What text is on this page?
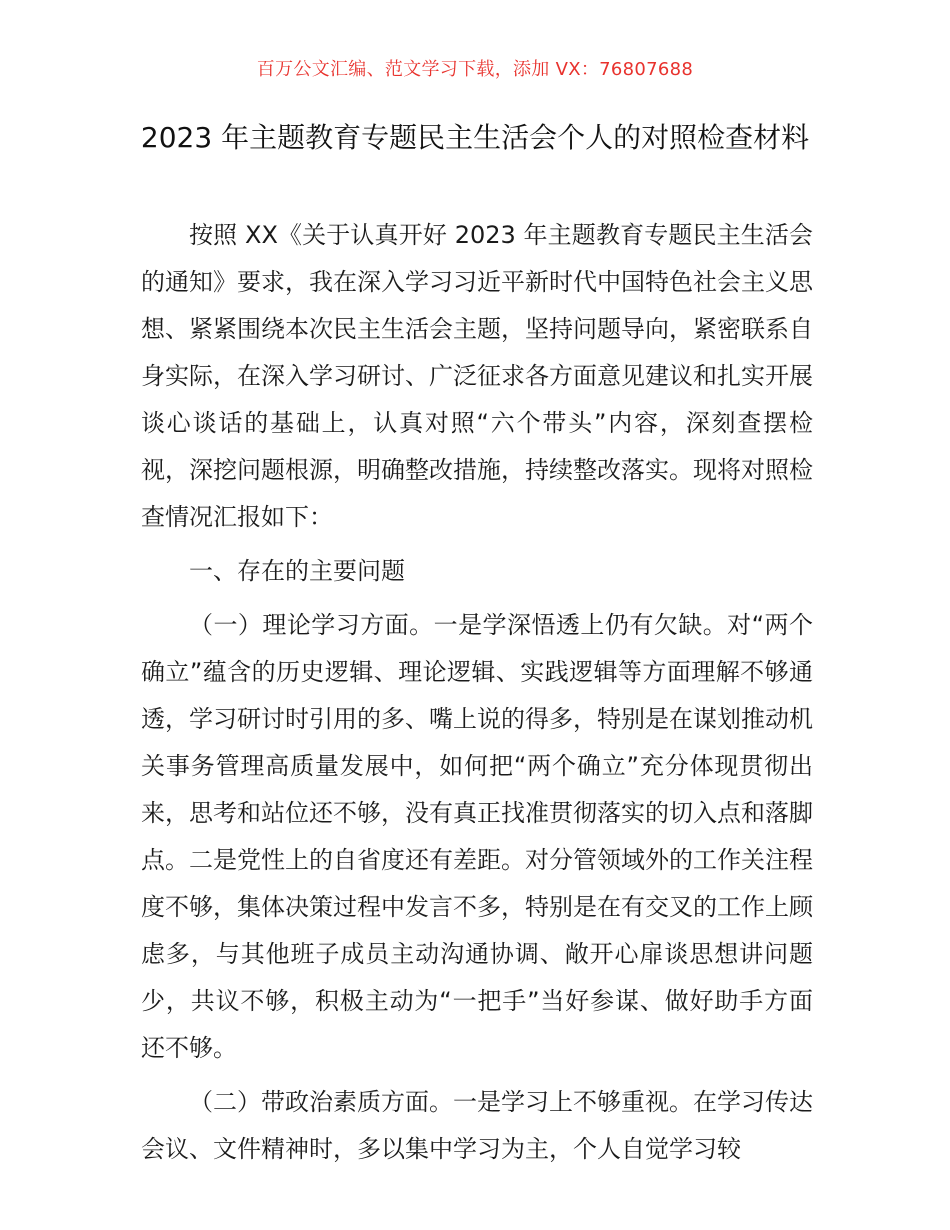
百万公文汇编、范文学习下载，添加 VX：76807688
2023 年主题教育专题民主生活会个人的对照检查材料

按照 XX《关于认真开好 2023 年主题教育专题民主生活会的通知》要求，我在深入学习习近平新时代中国特色社会主义思想、紧紧围绕本次民主生活会主题，坚持问题导向，紧密联系自身实际，在深入学习研讨、广泛征求各方面意见建议和扎实开展谈心谈话的基础上，认真对照“六个带头”内容，深刻查摆检视，深挖问题根源，明确整改措施，持续整改落实。现将对照检查情况汇报如下：

一、存在的主要问题

（一）理论学习方面。一是学深悟透上仍有欠缺。对“两个确立”蕴含的历史逻辑、理论逻辑、实践逻辑等方面理解不够通透，学习研讨时引用的多、嘴上说的得多，特别是在谋划推动机关事务管理高质量发展中，如何把“两个确立”充分体现贯彻出来，思考和站位还不够，没有真正找准贯彻落实的切入点和落脚点。二是党性上的自省度还有差距。对分管领域外的工作关注程度不够，集体决策过程中发言不多，特别是在有交叉的工作上顾虑多，与其他班子成员主动沟通协调、敞开心扉谈思想讲问题少，共议不够，积极主动为“一把手”当好参谋、做好助手方面还不够。

（二）带政治素质方面。一是学习上不够重视。在学习传达会议、文件精神时，多以集中学习为主，个人自觉学习较
